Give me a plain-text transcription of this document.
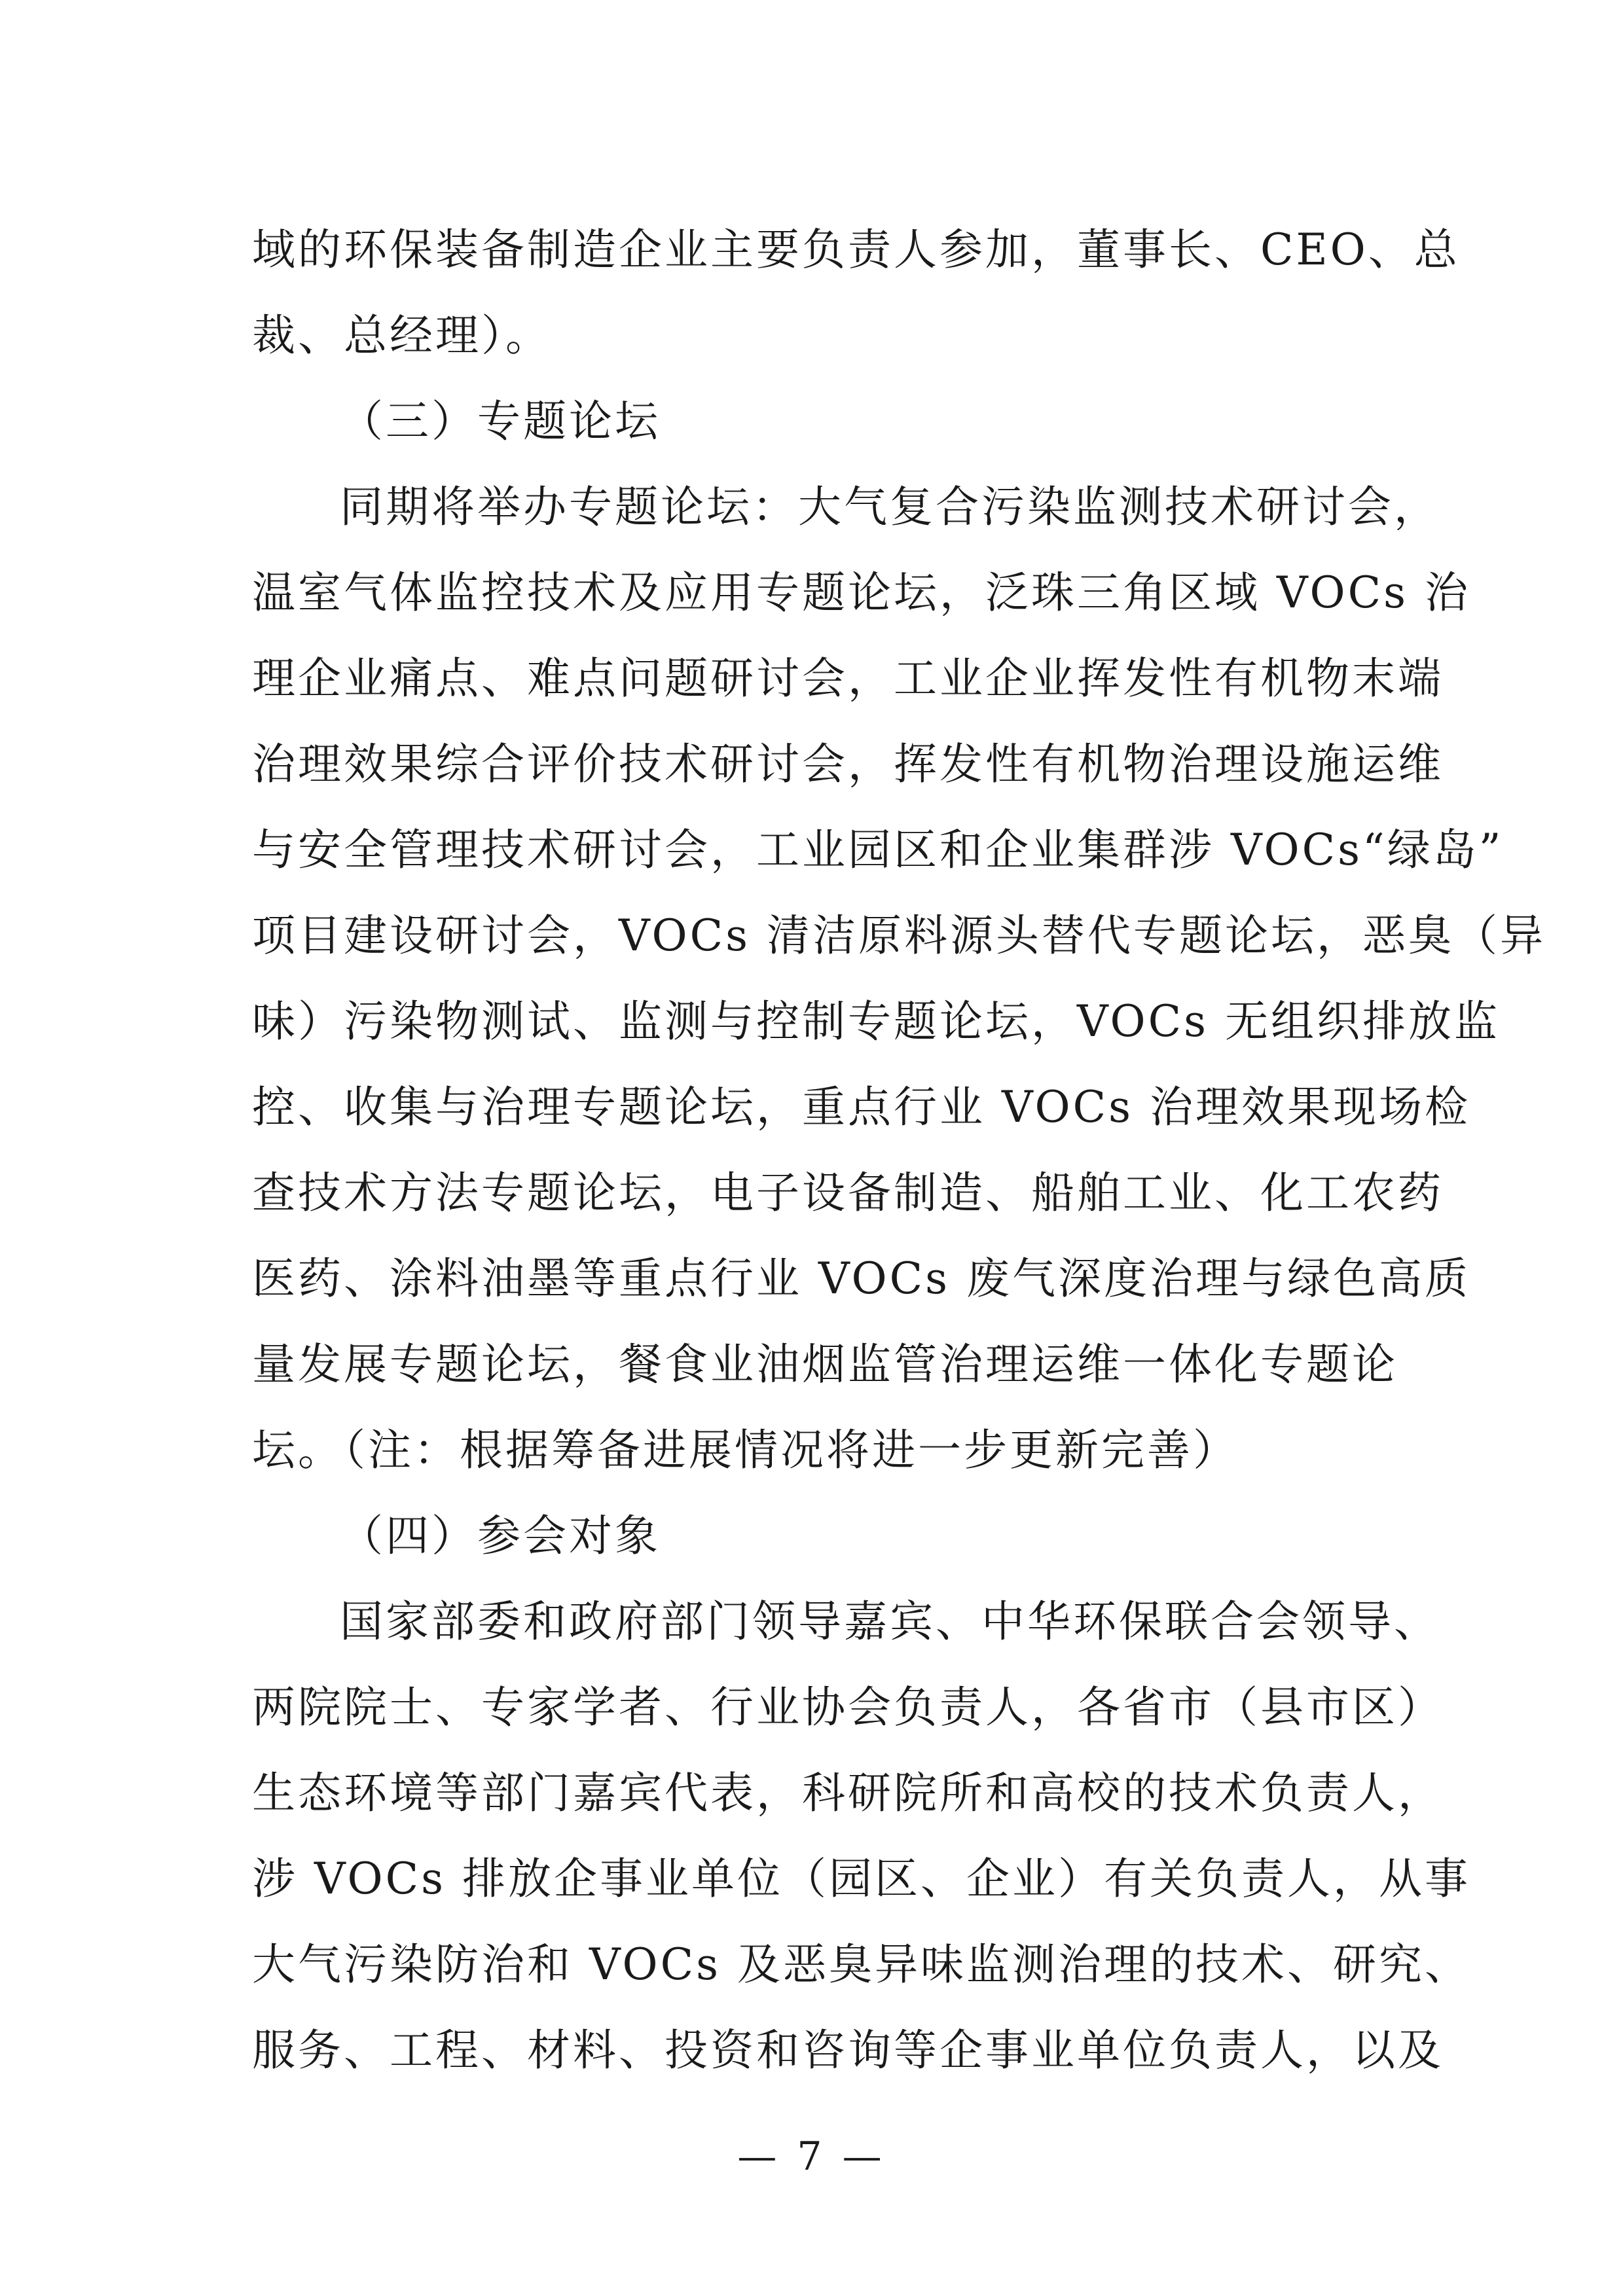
域的环保装备制造企业主要负责人参加，董事长、CEO、总
裁、总经理）。
（三）专题论坛
同期将举办专题论坛：大气复合污染监测技术研讨会，
温室气体监控技术及应用专题论坛，泛珠三角区域 VOCs 治
理企业痛点、难点问题研讨会，工业企业挥发性有机物末端
治理效果综合评价技术研讨会，挥发性有机物治理设施运维
与安全管理技术研讨会，工业园区和企业集群涉 VOCs“绿岛”
项目建设研讨会，VOCs 清洁原料源头替代专题论坛，恶臭（异
味）污染物测试、监测与控制专题论坛，VOCs 无组织排放监
控、收集与治理专题论坛，重点行业 VOCs 治理效果现场检
查技术方法专题论坛，电子设备制造、船舶工业、化工农药
医药、涂料油墨等重点行业 VOCs 废气深度治理与绿色高质
量发展专题论坛，餐食业油烟监管治理运维一体化专题论
坛。（注：根据筹备进展情况将进一步更新完善）
（四）参会对象
国家部委和政府部门领导嘉宾、中华环保联合会领导、
两院院士、专家学者、行业协会负责人，各省市（县市区）
生态环境等部门嘉宾代表，科研院所和高校的技术负责人，
涉 VOCs 排放企事业单位（园区、企业）有关负责人，从事
大气污染防治和 VOCs 及恶臭异味监测治理的技术、研究、
服务、工程、材料、投资和咨询等企事业单位负责人，以及
— 7 —
